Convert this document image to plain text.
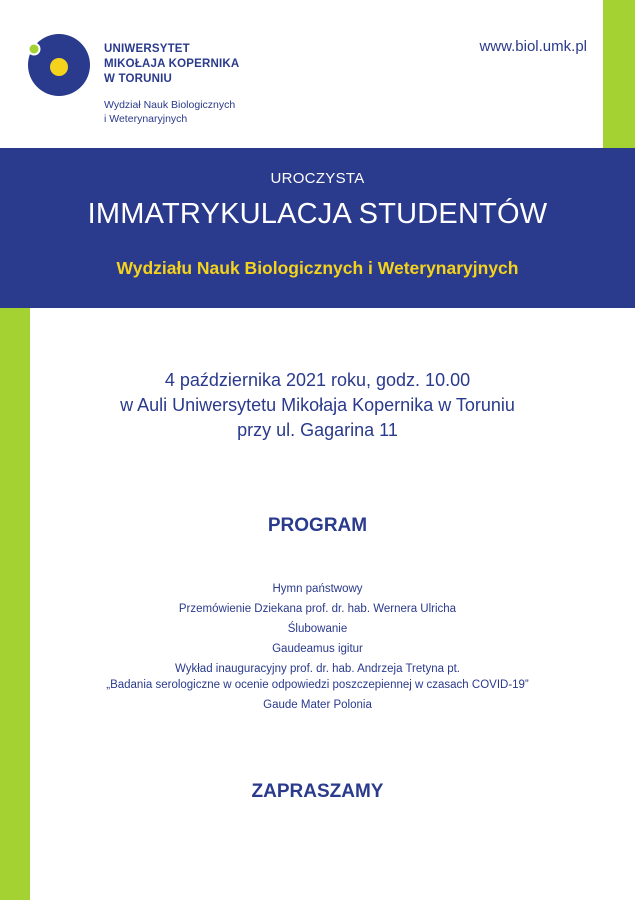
UNIWERSYTET
MIKOŁAJA KOPERNIKA
W TORUNIU
Wydział Nauk Biologicznych
i Weterynaryjnych
www.biol.umk.pl
UROCZYSTA
IMMATRYKULACJA STUDENTÓW
Wydziału Nauk Biologicznych i Weterynaryjnych
4 października 2021 roku, godz. 10.00
w Auli Uniwersytetu Mikołaja Kopernika w Toruniu
przy ul. Gagarina 11
PROGRAM
Hymn państwowy
Przemówienie Dziekana prof. dr. hab. Wernera Ulricha
Ślubowanie
Gaudeamus igitur
Wykład inauguracyjny prof. dr. hab. Andrzeja Tretyna pt.
„Badania serologiczne w ocenie odpowiedzi poszczepiennej w czasach COVID-19”
Gaude Mater Polonia
ZAPRASZAMY
